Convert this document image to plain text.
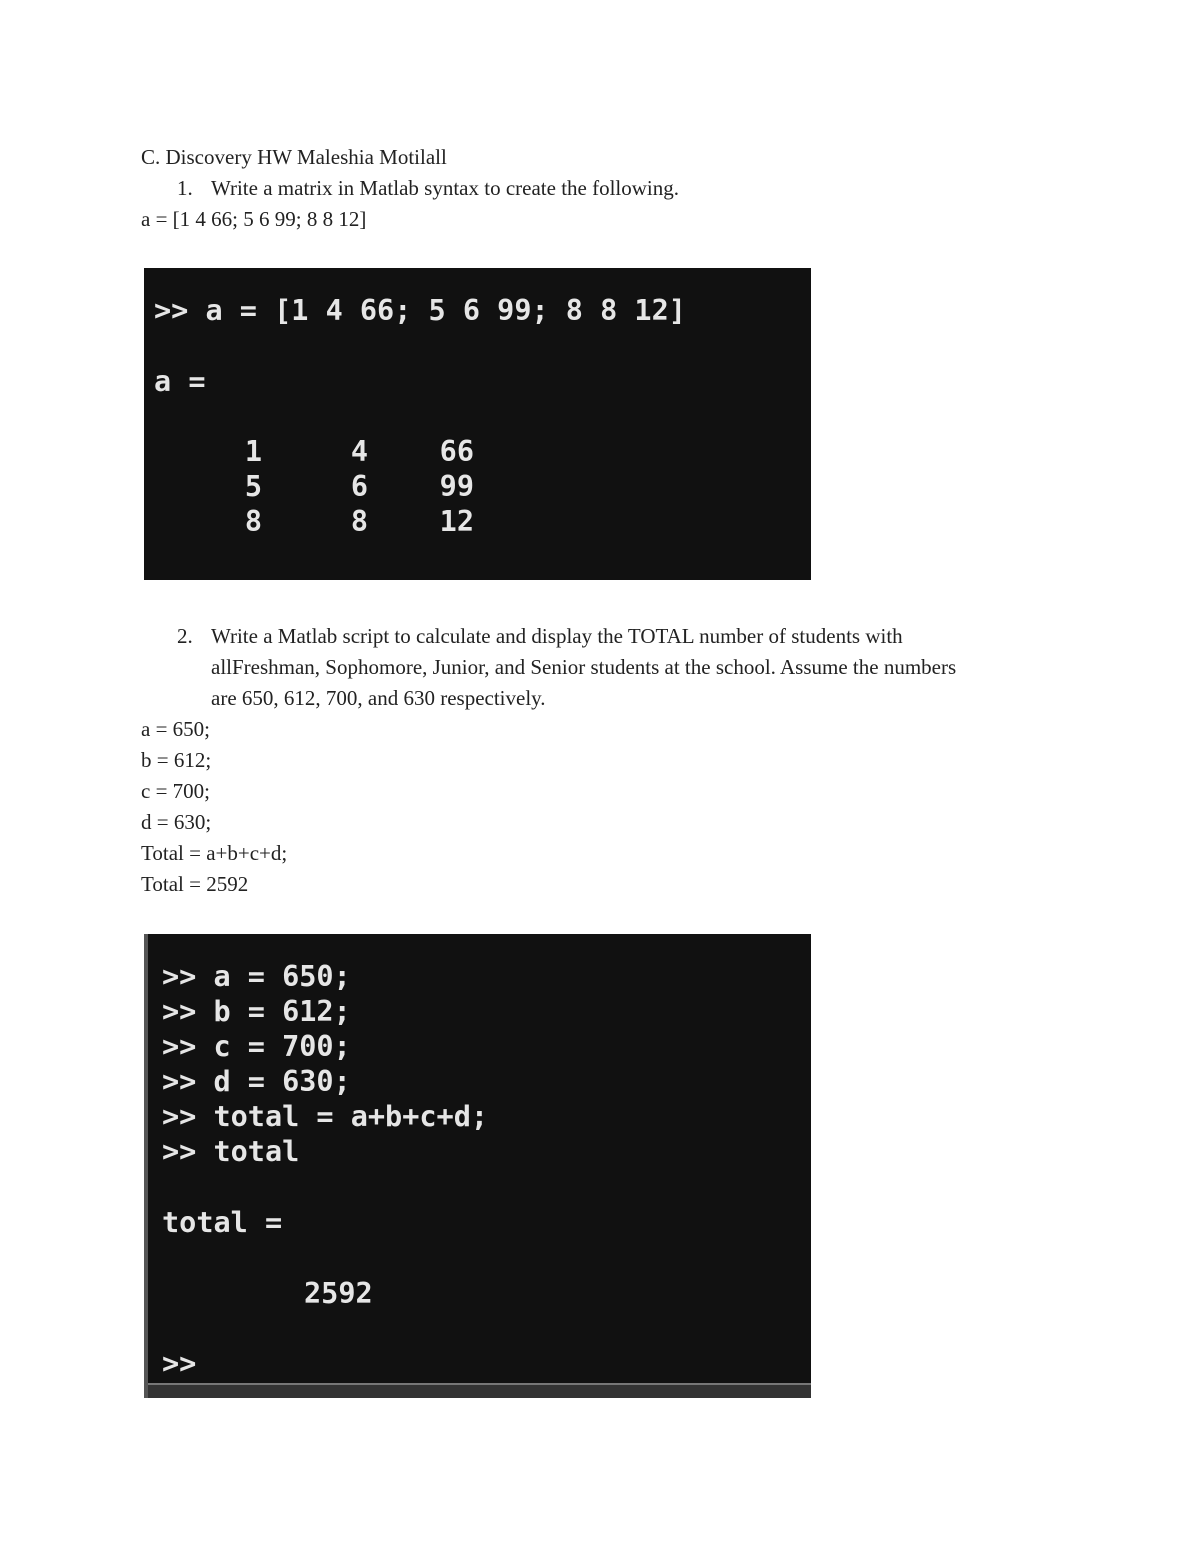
C. Discovery HW Maleshia Motilall
1. Write a matrix in Matlab syntax to create the following.
a = [1 4 66; 5 6 99; 8 8 12]
>> a = [1 4 66; 5 6 99; 8 8 12]
a =
1	4	66
5	6	99
8	8	12
2. Write a Matlab script to calculate and display the TOTAL number of students with
allFreshman, Sophomore, Junior, and Senior students at the school. Assume the numbers
are 650, 612, 700, and 630 respectively.
a = 650;
b = 612;
c = 700;
d = 630;
Total = a+b+c+d;
Total = 2592
>> a = 650;
>> b = 612;
>> c = 700;
>> d = 630;
>> total = a+b+c+d;
>> total
total =
2592
>>
